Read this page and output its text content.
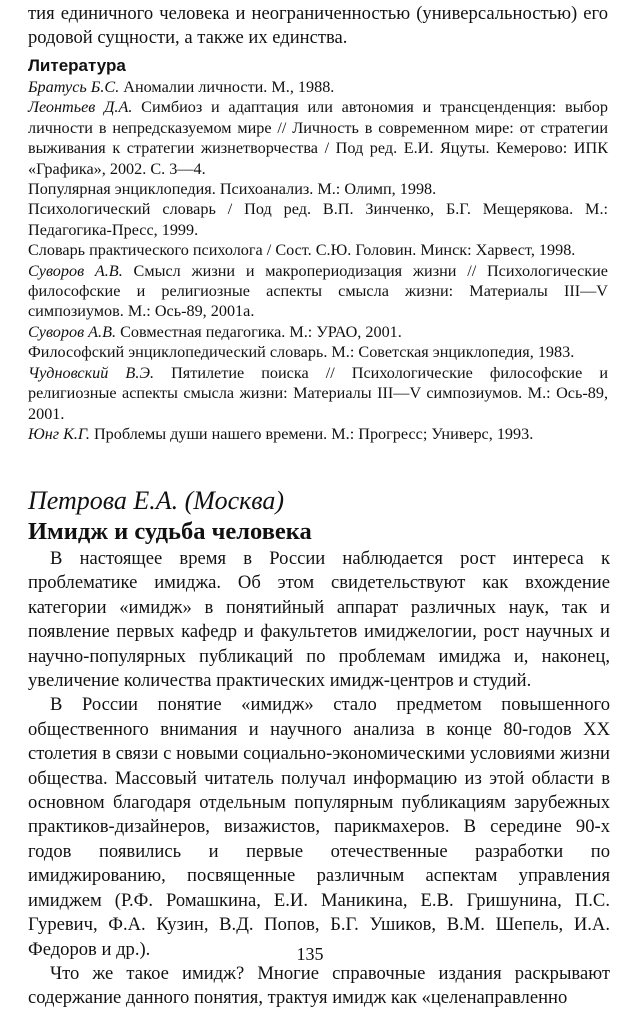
тия единичного человека и неограниченностью (универсальностью) его родовой сущности, а также их единства.

Литература

Братусь Б.С. Аномалии личности. М., 1988.

Леонтьев Д.А. Симбиоз и адаптация или автономия и трансценденция: выбор личности в непредсказуемом мире // Личность в современном мире: от стратегии выживания к стратегии жизнетворчества / Под ред. Е.И. Яцуты. Кемерово: ИПК «Графика», 2002. С. 3—4.

Популярная энциклопедия. Психоанализ. М.: Олимп, 1998.

Психологический словарь / Под ред. В.П. Зинченко, Б.Г. Мещерякова. М.: Педагогика-Пресс, 1999.

Словарь практического психолога / Сост. С.Ю. Головин. Минск: Харвест, 1998.

Суворов А.В. Смысл жизни и макропериодизация жизни // Психологические философские и религиозные аспекты смысла жизни: Материалы III—V симпозиумов. М.: Ось-89, 2001а.

Суворов А.В. Совместная педагогика. М.: УРАО, 2001.

Философский энциклопедический словарь. М.: Советская энциклопедия, 1983.

Чудновский В.Э. Пятилетие поиска // Психологические философские и религиозные аспекты смысла жизни: Материалы III—V симпозиумов. М.: Ось-89, 2001.

Юнг К.Г. Проблемы души нашего времени. М.: Прогресс; Универс, 1993.

Петрова Е.А. (Москва)
Имидж и судьба человека

В настоящее время в России наблюдается рост интереса к проблематике имиджа. Об этом свидетельствуют как вхождение категории «имидж» в понятийный аппарат различных наук, так и появление первых кафедр и факультетов имиджелогии, рост научных и научно-популярных публикаций по проблемам имиджа и, наконец, увеличение количества практических имидж-центров и студий.

В России понятие «имидж» стало предметом повышенного общественного внимания и научного анализа в конце 80-годов XX столетия в связи с новыми социально-экономическими условиями жизни общества. Массовый читатель получал информацию из этой области в основном благодаря отдельным популярным публикациям зарубежных практиков-дизайнеров, визажистов, парикмахеров. В середине 90-х годов появились и первые отечественные разработки по имиджированию, посвященные различным аспектам управления имиджем (Р.Ф. Ромашкина, Е.И. Маникина, Е.В. Гришунина, П.С. Гуревич, Ф.А. Кузин, В.Д. Попов, Б.Г. Ушиков, В.М. Шепель, И.А. Федоров и др.).

Что же такое имидж? Многие справочные издания раскрывают содержание данного понятия, трактуя имидж как «целенаправленно

135
